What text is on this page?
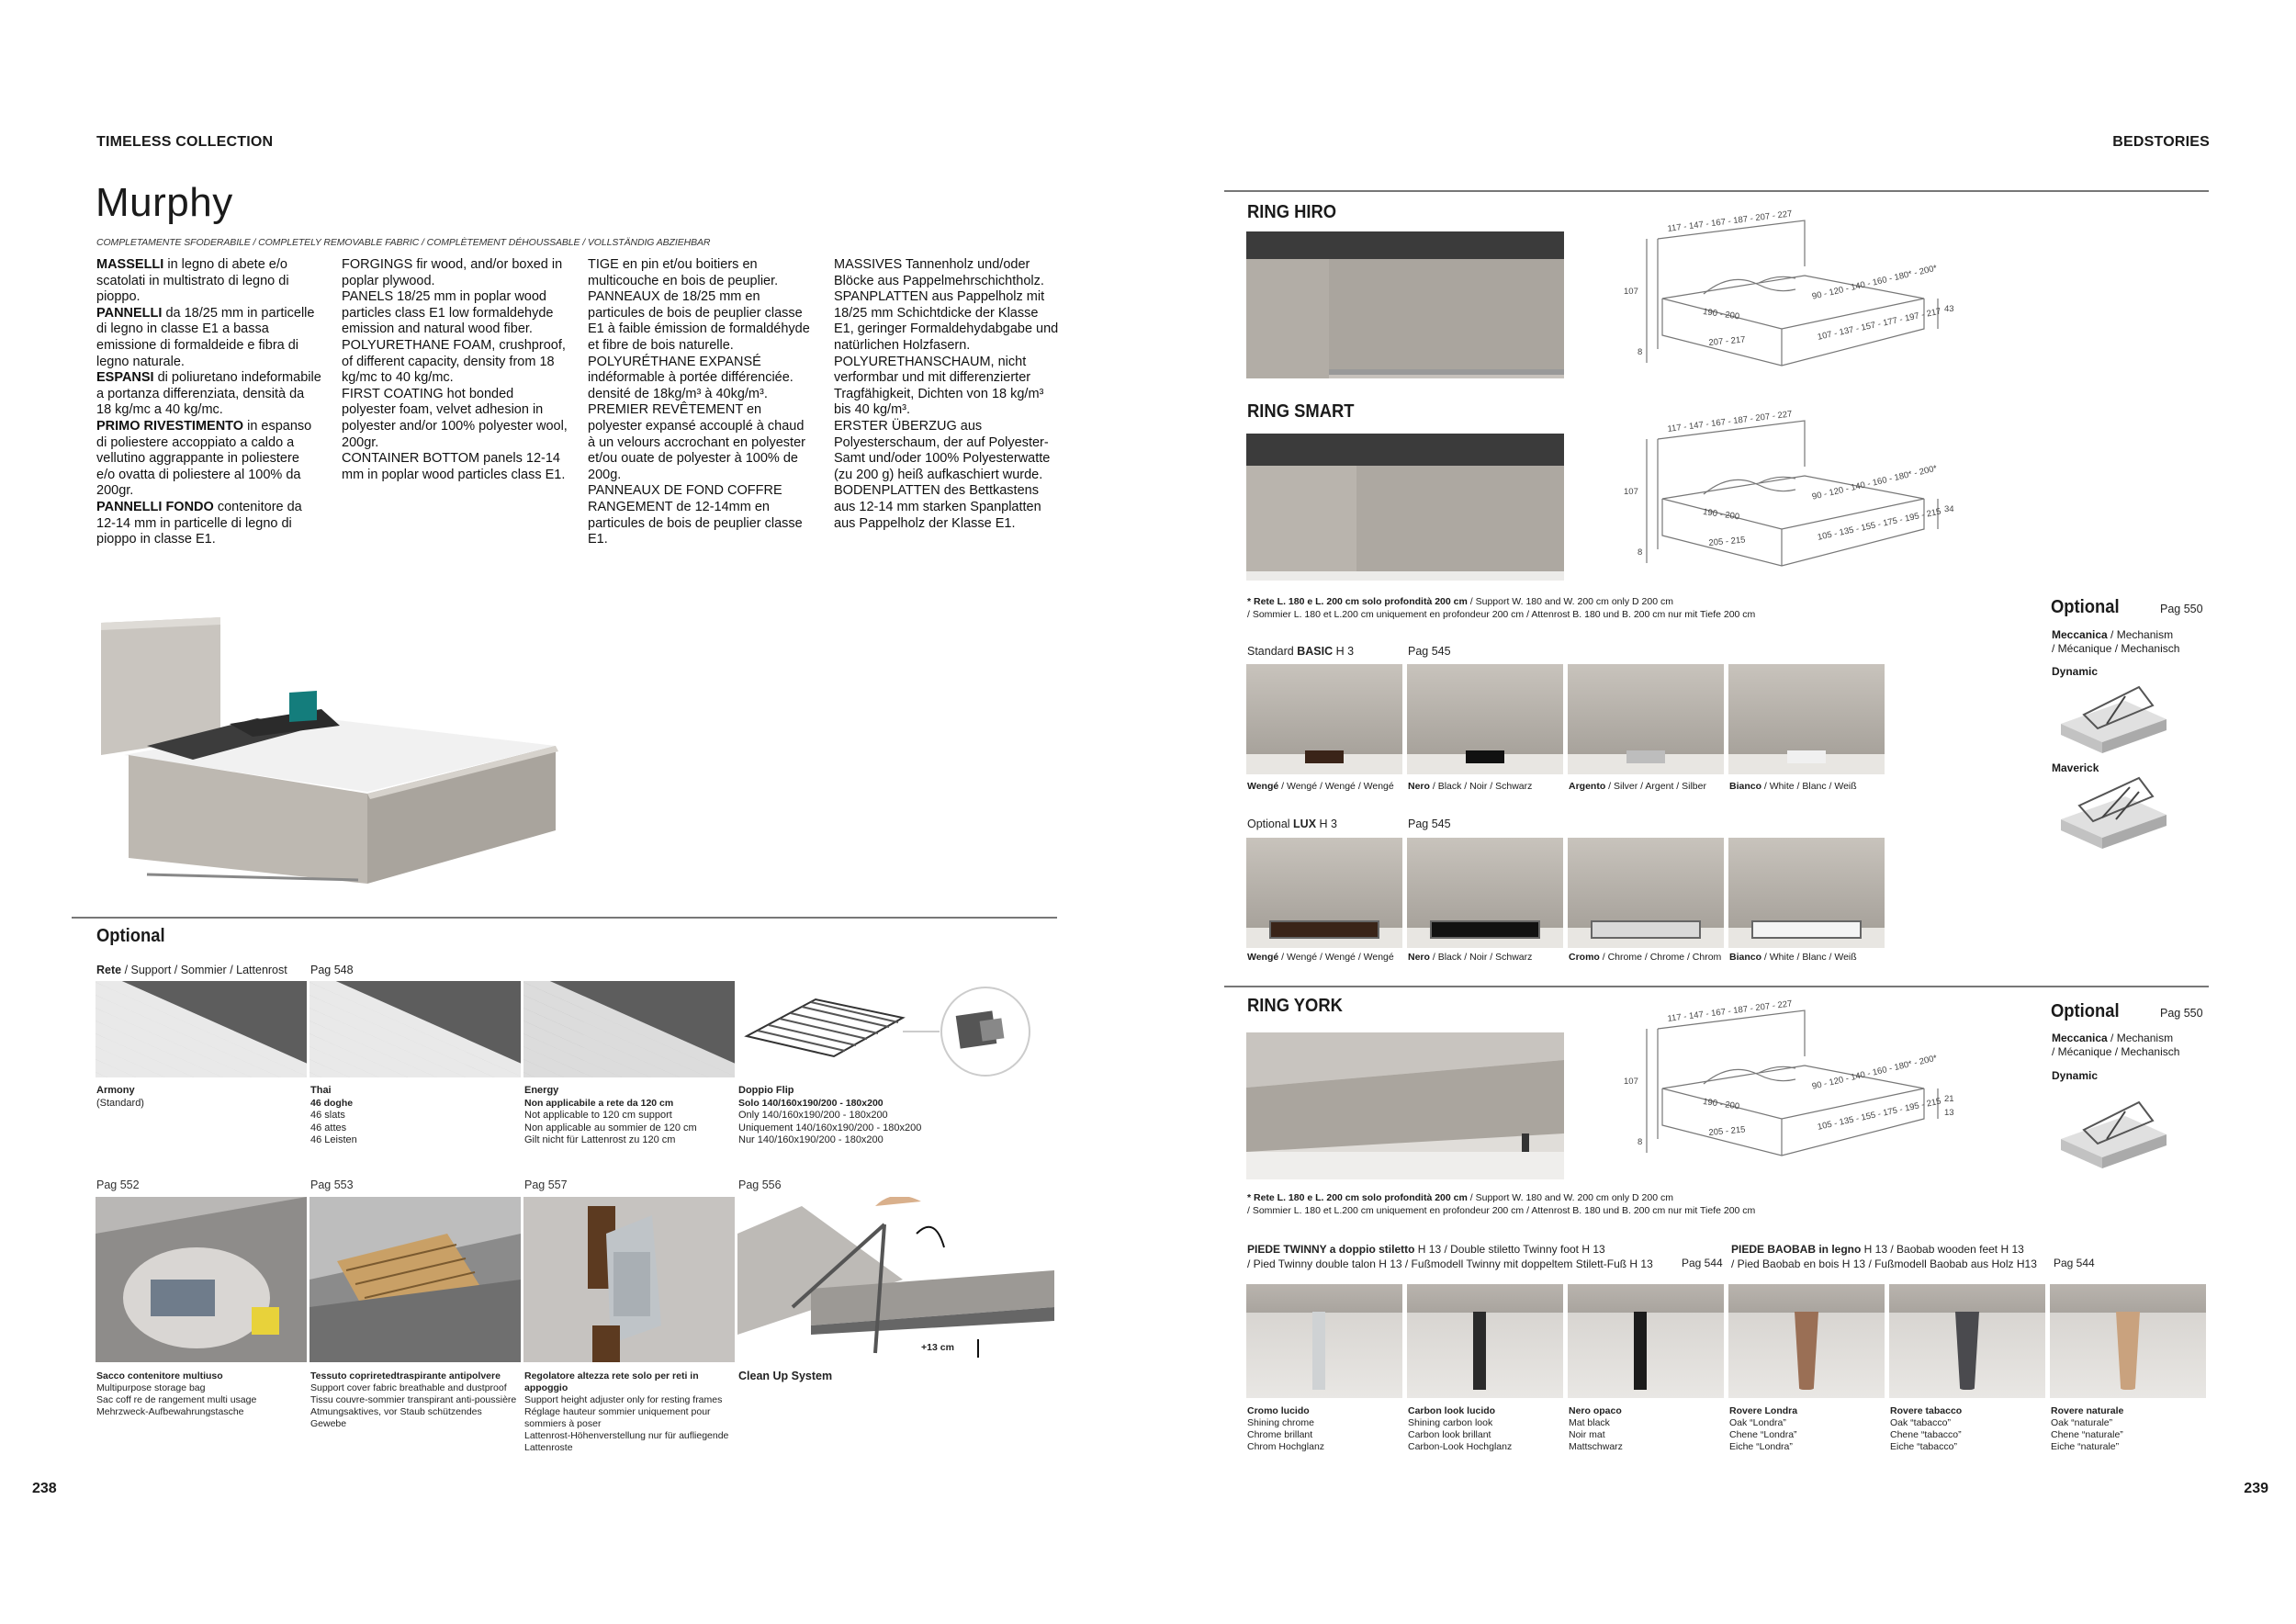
TIMELESS COLLECTION	BEDSTORIES
Murphy
COMPLETAMENTE SFODERABILE / COMPLETELY REMOVABLE FABRIC / COMPLÈTEMENT DÉHOUSSABLE / VOLLSTÄNDIG ABZIEHBAR
MASSELLI in legno di abete e/o scatolati in multistrato di legno di pioppo.
PANNELLI da 18/25 mm in particelle di legno in classe E1 a bassa emissione di formaldeide e fibra di legno naturale.
ESPANSI di poliuretano indeformabile a portanza differenziata, densità da 18 kg/mc a 40 kg/mc.
PRIMO RIVESTIMENTO in espanso di poliestere accoppiato a caldo a vellutino aggrappante in poliestere e/o ovatta di poliestere al 100% da 200gr.
PANNELLI FONDO contenitore da 12-14 mm in particelle di legno di pioppo in classe E1.
FORGINGS fir wood, and/or boxed in poplar plywood.
PANELS 18/25 mm in poplar wood particles class E1 low formaldehyde emission and natural wood fiber.
POLYURETHANE FOAM, crushproof, of different capacity, density from 18 kg/mc to 40 kg/mc.
FIRST COATING hot bonded polyester foam, velvet adhesion in polyester and/or 100% polyester wool, 200gr.
CONTAINER BOTTOM panels 12-14 mm in poplar wood particles class E1.
TIGE en pin et/ou boitiers en multicouche en bois de peuplier.
PANNEAUX de 18/25 mm en particules de bois de peuplier classe E1 à faible émission de formaldéhyde et fibre de bois naturelle.
POLYURÉTHANE EXPANSÉ indéformable à portée différenciée. densité de 18kg/m³ à 40kg/m³.
PREMIER REVÊTEMENT en polyester expansé accouplé à chaud à un velours accrochant en polyester et/ou ouate de polyester à 100% de 200g.
PANNEAUX DE FOND COFFRE RANGEMENT de 12-14mm en particules de bois de peuplier classe E1.
MASSIVES Tannenholz und/oder Blöcke aus Pappelmehrschichtholz.
SPANPLATTEN aus Pappelholz mit 18/25 mm Schichtdicke der Klasse E1, geringer Formaldehydabgabe und natürlichen Holzfasern.
POLYURETHANSCHAUM, nicht verformbar und mit differenzierter Tragfähigkeit, Dichten von 18 kg/m³ bis 40 kg/m³.
ERSTER ÜBERZUG aus Polyesterschaum, der auf Polyester-Samt und/oder 100% Polyesterwatte (zu 200 g) heiß aufkaschiert wurde.
BODENPLATTEN des Bettkastens aus 12-14 mm starken Spanplatten aus Pappelholz der Klasse E1.
Optional
Rete / Support / Sommier / Lattenrost Pag 548
Armony
(Standard)
Thai
46 doghe
46 slats
46 attes
46 Leisten
Energy
Non applicabile a rete da 120 cm
Not applicable to 120 cm support
Non applicable au sommier de 120 cm
Gilt nicht für Lattenrost zu 120 cm
Doppio Flip
Solo 140/160x190/200 - 180x200
Only 140/160x190/200 - 180x200
Uniquement 140/160x190/200 - 180x200
Nur 140/160x190/200 - 180x200
Pag 552	Pag 553	Pag 557	Pag 556
+13 cm
Sacco contenitore multiuso
Multipurpose storage bag
Sac coff re de rangement multi usage
Mehrzweck-Aufbewahrungstasche
Tessuto copriretedtraspirante antipolvere
Support cover fabric breathable and dustproof
Tissu couvre-sommier transpirant anti-poussière
Atmungsaktives, vor Staub schützendes Gewebe
Regolatore altezza rete solo per reti in appoggio
Support height adjuster only for resting frames
Réglage hauteur sommier uniquement pour sommiers à poser
Lattenrost-Höhenverstellung nur für aufliegende Lattenroste
Clean Up System
238	239
RING HIRO	117 - 147 - 167 - 187 - 207 - 227
107
190 - 200
90 - 120 - 140 - 160 - 180* - 200*
207 - 217	107 - 137 - 157 - 177 - 197 - 217 43
8
RING SMART	117 - 147 - 167 - 187 - 207 - 227
107
190 - 200
90 - 120 - 140 - 160 - 180* - 200*
205 - 215	105 - 135 - 155 - 175 - 195 - 215 34
8
* Rete L. 180 e L. 200 cm solo profondità 200 cm / Support W. 180 and W. 200 cm only D 200 cm
/ Sommier L. 180 et L.200 cm uniquement en profondeur 200 cm / Attenrost B. 180 und B. 200 cm nur mit Tiefe 200 cm
Standard BASIC H 3	Pag 545
Wengé / Wengé / Wengé / Wengé Nero / Black / Noir / Schwarz	Argento / Silver / Argent / Silber Bianco / White / Blanc / Weiß
Optional LUX H 3	Pag 545
Wengé / Wengé / Wengé / Wengé Nero / Black / Noir / Schwarz	Cromo / Chrome / Chrome / Chrom Bianco / White / Blanc / Weiß
Optional	Pag 550
Meccanica / Mechanism
/ Mécanique / Mechanisch
Dynamic
Maverick
RING YORK	117 - 147 - 167 - 187 - 207 - 227
107
190 - 200
90 - 120 - 140 - 160 - 180* - 200*
205 - 215	105 - 135 - 155 - 175 - 195 - 215 21
13
8
Optional	Pag 550
Meccanica / Mechanism
/ Mécanique / Mechanisch
Dynamic
* Rete L. 180 e L. 200 cm solo profondità 200 cm / Support W. 180 and W. 200 cm only D 200 cm
/ Sommier L. 180 et L.200 cm uniquement en profondeur 200 cm / Attenrost B. 180 und B. 200 cm nur mit Tiefe 200 cm
PIEDE TWINNY a doppio stiletto H 13 / Double stiletto Twinny foot H 13
/ Pied Twinny double talon H 13 / Fußmodell Twinny mit doppeltem Stilett-Fuß H 13	Pag 544
PIEDE BAOBAB in legno H 13 / Baobab wooden feet H 13
/ Pied Baobab en bois H 13 / Fußmodell Baobab aus Holz H13 Pag 544
Cromo lucido
Shining chrome
Chrome brillant
Chrom Hochglanz
Carbon look lucido
Shining carbon look
Carbon look brillant
Carbon-Look Hochglanz
Nero opaco
Mat black
Noir mat
Mattschwarz
Rovere Londra
Oak “Londra”
Chene “Londra”
Eiche “Londra”
Rovere tabacco
Oak “tabacco”
Chene “tabacco”
Eiche “tabacco”
Rovere naturale
Oak “naturale”
Chene “naturale”
Eiche “naturale”
